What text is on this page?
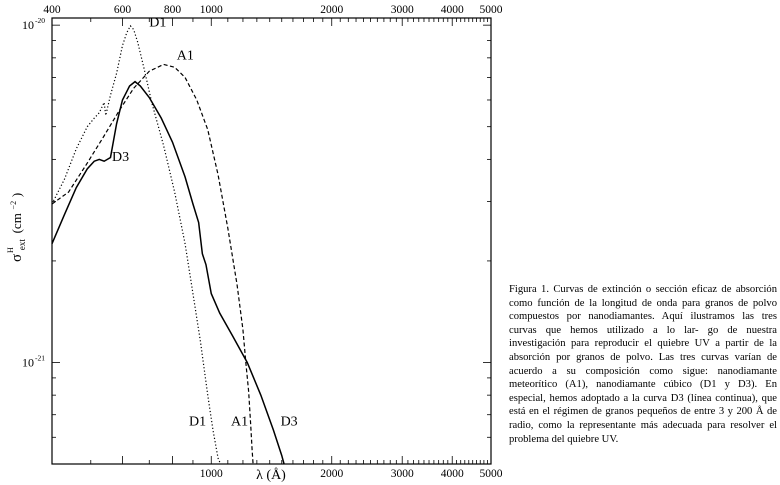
400	600	800 1000	2000	3000 4000 5000
1000	2000	3000 4000 5000
10 -20
10 -21
D1
A1
D3
D1 A1 D3
λ (Å)
σ $_{ext}$ (cm $^{-2}$ )
H

Figura 1. Curvas de extinción o sección eficaz de absorción como función de la longitud de onda para granos de polvo compuestos por nanodiamantes. Aquí ilustramos las tres curvas que hemos utilizado a lo lar- go de nuestra investigación para reproducir el quiebre UV a partir de la absorción por granos de polvo. Las tres curvas varían de acuerdo a su composición como sigue: nanodiamante meteorítico (A1), nanodiamante cúbico (D1 y D3). En especial, hemos adoptado a la curva D3 (línea continua), que está en el régimen de granos pequeños de entre 3 y 200 Å de radio, como la representante más adecuada para resolver el problema del quiebre UV.
